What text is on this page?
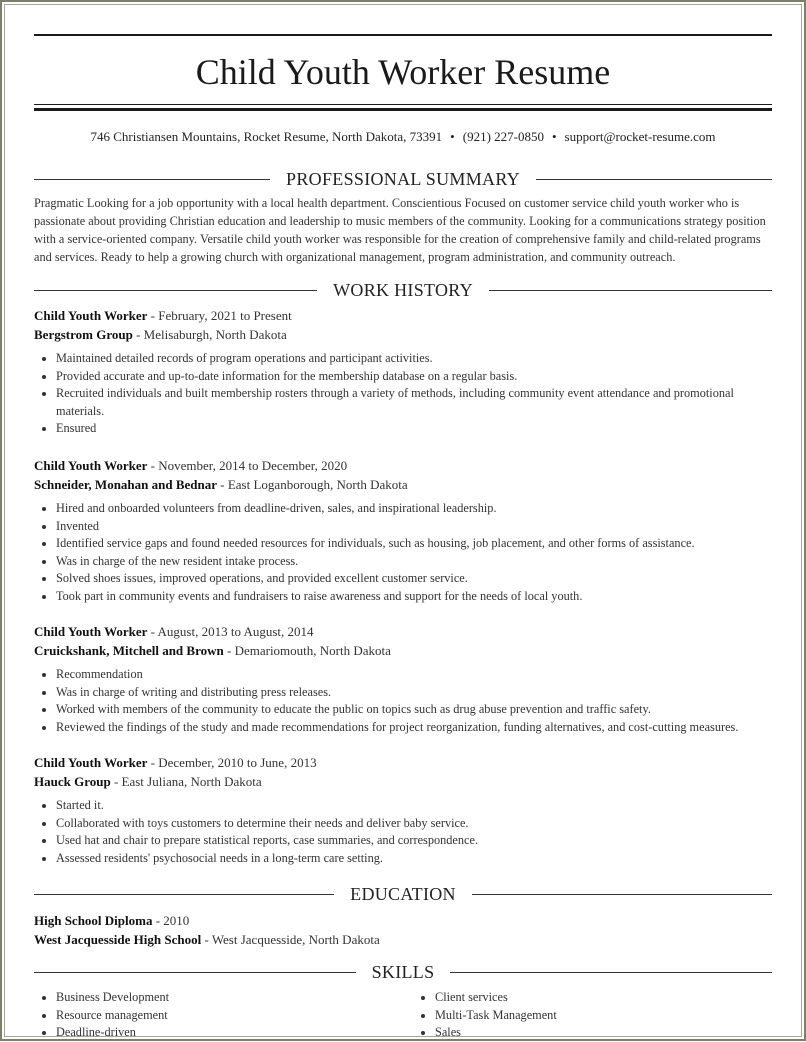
Child Youth Worker Resume
746 Christiansen Mountains, Rocket Resume, North Dakota, 73391 • (921) 227-0850 • support@rocket-resume.com
PROFESSIONAL SUMMARY
Pragmatic Looking for a job opportunity with a local health department. Conscientious Focused on customer service child youth worker who is passionate about providing Christian education and leadership to music members of the community. Looking for a communications strategy position with a service-oriented company. Versatile child youth worker was responsible for the creation of comprehensive family and child-related programs and services. Ready to help a growing church with organizational management, program administration, and community outreach.
WORK HISTORY
Child Youth Worker - February, 2021 to Present
Bergstrom Group - Melisaburgh, North Dakota
• Maintained detailed records of program operations and participant activities.
• Provided accurate and up-to-date information for the membership database on a regular basis.
• Recruited individuals and built membership rosters through a variety of methods, including community event attendance and promotional materials.
• Ensured
Child Youth Worker - November, 2014 to December, 2020
Schneider, Monahan and Bednar - East Loganborough, North Dakota
• Hired and onboarded volunteers from deadline-driven, sales, and inspirational leadership.
• Invented
• Identified service gaps and found needed resources for individuals, such as housing, job placement, and other forms of assistance.
• Was in charge of the new resident intake process.
• Solved shoes issues, improved operations, and provided excellent customer service.
• Took part in community events and fundraisers to raise awareness and support for the needs of local youth.
Child Youth Worker - August, 2013 to August, 2014
Cruickshank, Mitchell and Brown - Demariomouth, North Dakota
• Recommendation
• Was in charge of writing and distributing press releases.
• Worked with members of the community to educate the public on topics such as drug abuse prevention and traffic safety.
• Reviewed the findings of the study and made recommendations for project reorganization, funding alternatives, and cost-cutting measures.
Child Youth Worker - December, 2010 to June, 2013
Hauck Group - East Juliana, North Dakota
• Started it.
• Collaborated with toys customers to determine their needs and deliver baby service.
• Used hat and chair to prepare statistical reports, case summaries, and correspondence.
• Assessed residents' psychosocial needs in a long-term care setting.
EDUCATION
High School Diploma - 2010
West Jacquesside High School - West Jacquesside, North Dakota
SKILLS
• Business Development
• Resource management
• Deadline-driven
• Client services
• Multi-Task Management
• Sales
